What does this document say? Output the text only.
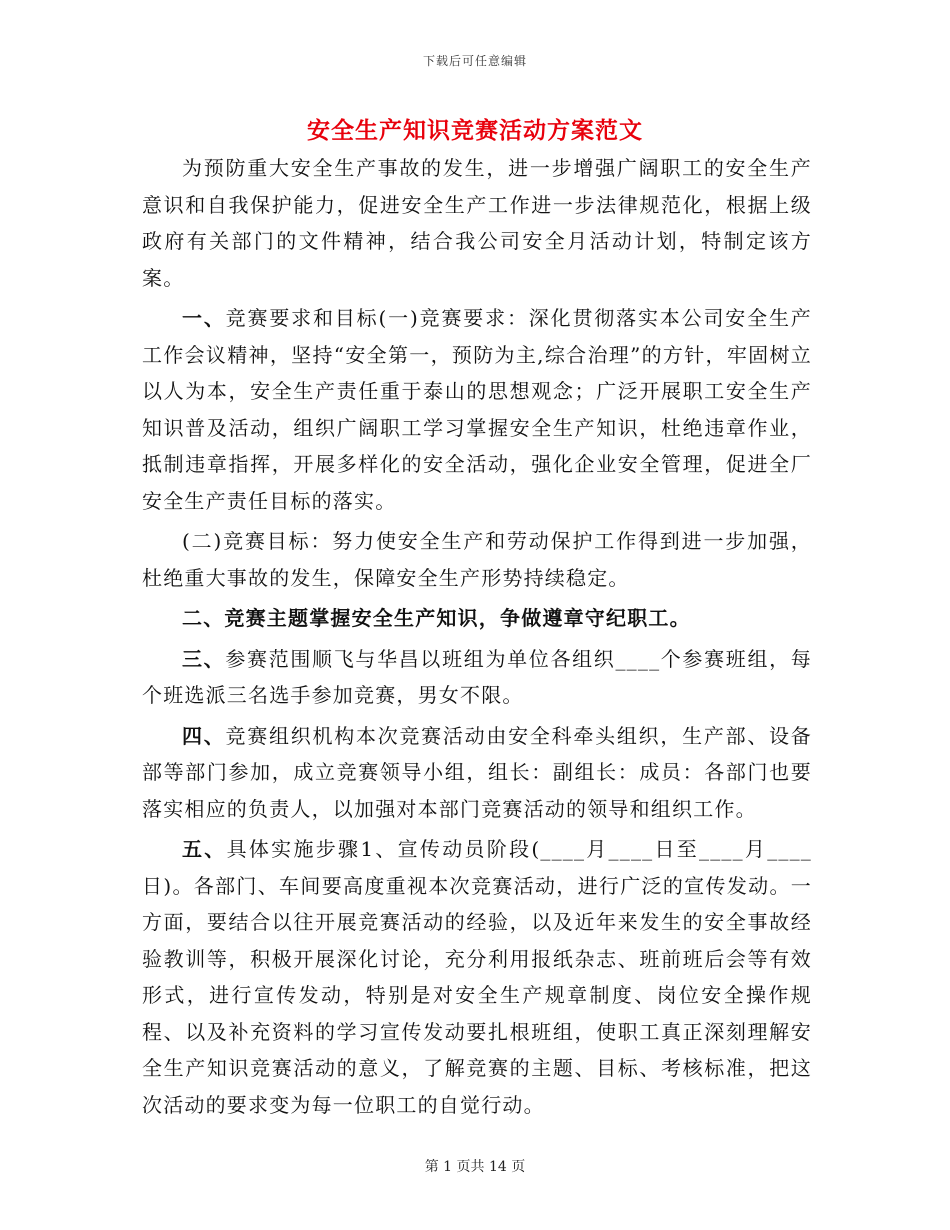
下载后可任意编辑
安全生产知识竞赛活动方案范文

为预防重大安全生产事故的发生，进一步增强广阔职工的安全生产意识和自我保护能力，促进安全生产工作进一步法律规范化，根据上级政府有关部门的文件精神，结合我公司安全月活动计划，特制定该方案。

一、竞赛要求和目标(一)竞赛要求：深化贯彻落实本公司安全生产工作会议精神，坚持“安全第一，预防为主,综合治理”的方针，牢固树立以人为本，安全生产责任重于泰山的思想观念；广泛开展职工安全生产知识普及活动，组织广阔职工学习掌握安全生产知识，杜绝违章作业，抵制违章指挥，开展多样化的安全活动，强化企业安全管理，促进全厂安全生产责任目标的落实。

(二)竞赛目标：努力使安全生产和劳动保护工作得到进一步加强，杜绝重大事故的发生，保障安全生产形势持续稳定。

二、竞赛主题掌握安全生产知识，争做遵章守纪职工。

三、参赛范围顺飞与华昌以班组为单位各组织____个参赛班组，每个班选派三名选手参加竞赛，男女不限。

四、竞赛组织机构本次竞赛活动由安全科牵头组织，生产部、设备部等部门参加，成立竞赛领导小组，组长：副组长：成员：各部门也要落实相应的负责人，以加强对本部门竞赛活动的领导和组织工作。

五、具体实施步骤1、宣传动员阶段(____月____日至____月____日)。各部门、车间要高度重视本次竞赛活动，进行广泛的宣传发动。一方面，要结合以往开展竞赛活动的经验，以及近年来发生的安全事故经验教训等，积极开展深化讨论，充分利用报纸杂志、班前班后会等有效形式，进行宣传发动，特别是对安全生产规章制度、岗位安全操作规程、以及补充资料的学习宣传发动要扎根班组，使职工真正深刻理解安全生产知识竞赛活动的意义，了解竞赛的主题、目标、考核标准，把这次活动的要求变为每一位职工的自觉行动。

第 1 页共 14 页
